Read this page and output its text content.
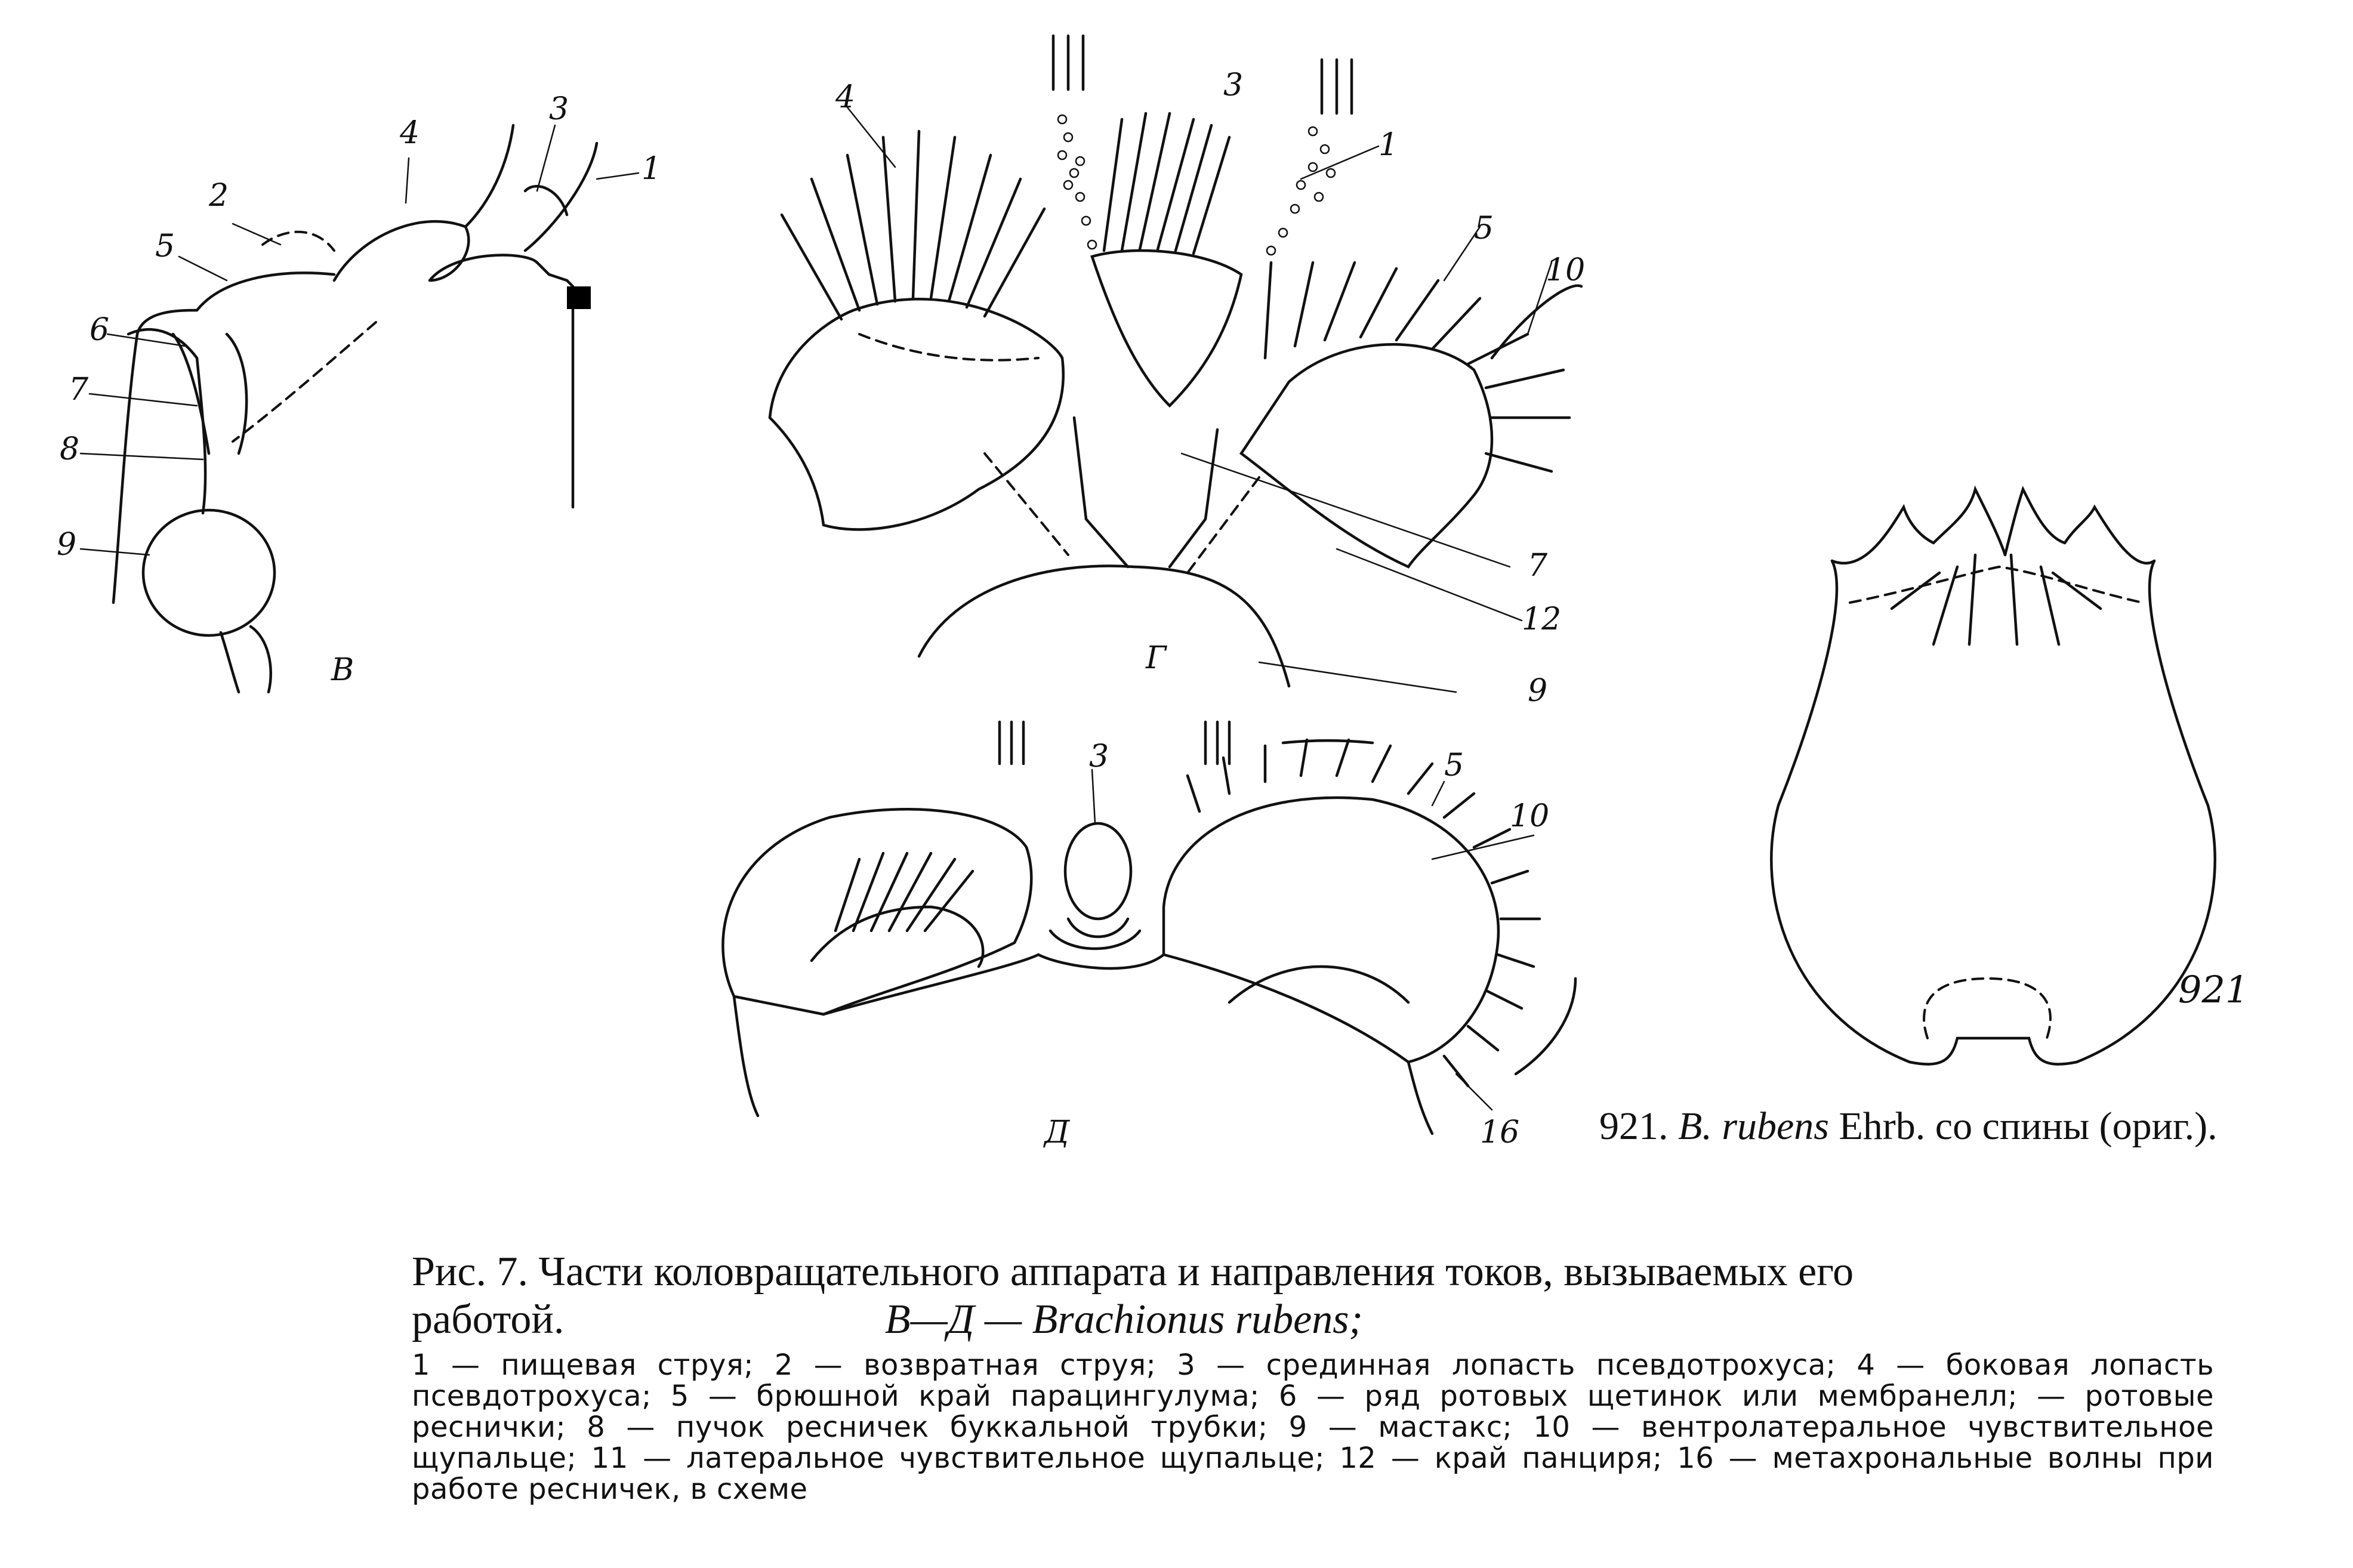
1
2
3
4
5
6
7
8
9
В
1
3
4
5
7
9
10
12
Г
3	5
10
16
Д
921
921. B. rubens Ehrb. со спины (ориг.).
Рис. 7. Части коловращательного аппарата и направления токов, вызываемых его
работой.	В—Д — Brachionus rubens;
1 — пищевая струя; 2 — возвратная струя; 3 — срединная лопасть псевдотрохуса; 4 — боковая лопасть псевдотрохуса; 5 — брюшной край парацингулума; 6 — ряд ротовых щетинок или мембранелл; — ротовые реснички; 8 — пучок ресничек буккальной трубки; 9 — мастакс; 10 — вентролатеральное чувствительное щупальце; 11 — латеральное чувствительное щупальце; 12 — край панциря; 16 — метахрональные волны при работе ресничек, в схеме
